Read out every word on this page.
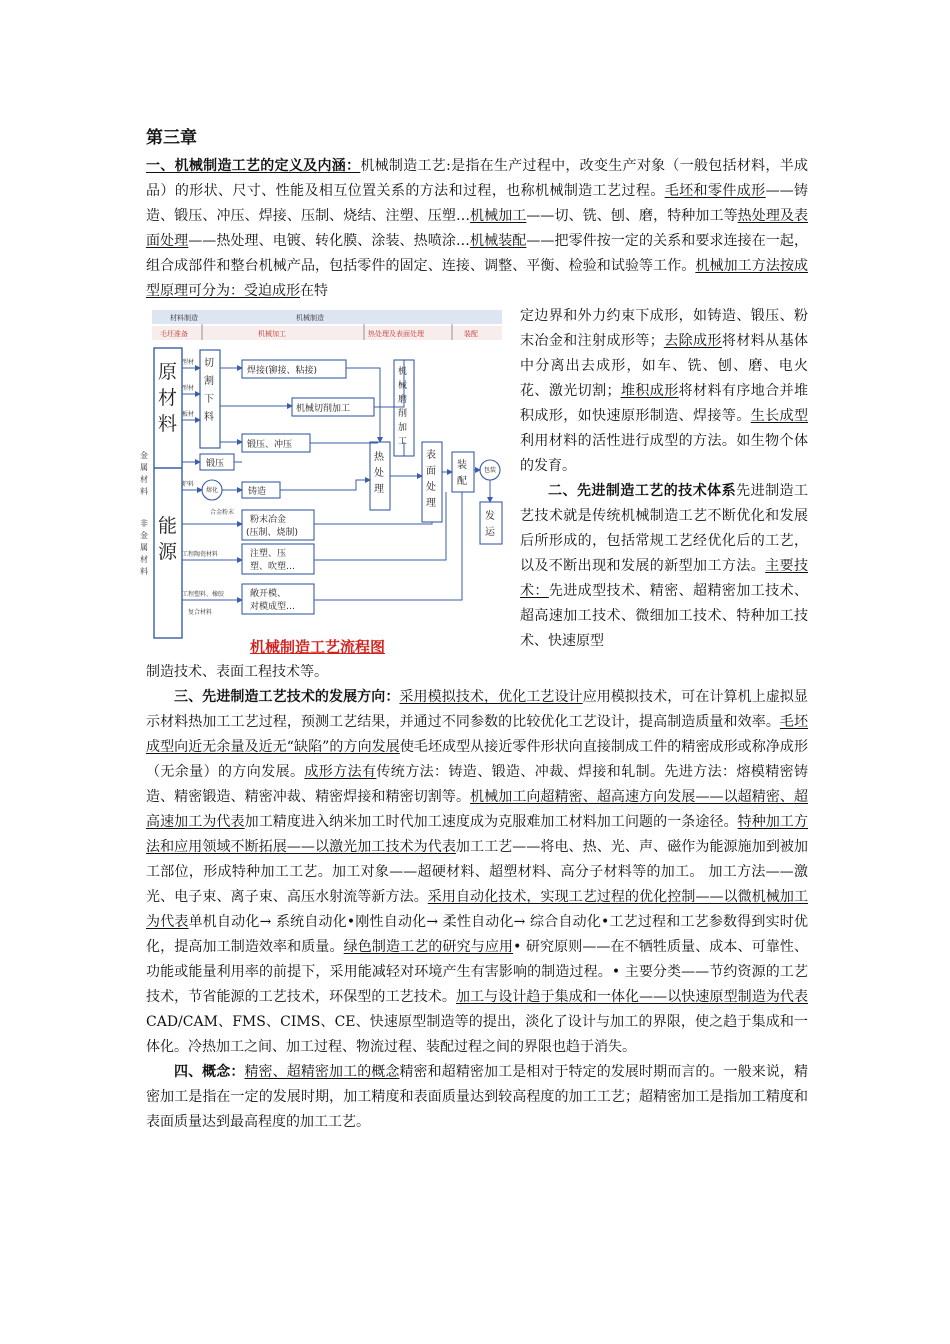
第三章

一、机械制造工艺的定义及内涵：机械制造工艺:是指在生产过程中，改变生产对象（一般包括材料，半成品）的形状、尺寸、性能及相互位置关系的方法和过程，也称机械制造工艺过程。毛坯和零件成形——铸造、锻压、冲压、焊接、压制、烧结、注塑、压塑…机械加工——切、铣、刨、磨，特种加工等热处理及表面处理——热处理、电镀、转化膜、涂装、热喷涂…机械装配——把零件按一定的关系和要求连接在一起，组合成部件和整台机械产品，包括零件的固定、连接、调整、平衡、检验和试验等工作。机械加工方法按成型原理可分为：受迫成形在特

材料制造	机械制造
毛坯准备	机械加工	热处理及表面处理	装配
金属材料
非金属材料
原材料
能源
切割下料
型材
型材
板材
焊接(铆接、粘接)
机械切削加工
锻压、冲压
锻压
炉料
熔化	铸造
合金粉末
粉末冶金
(压制、烧制)
工程陶瓷材料	注塑、压
塑、吹塑…
工程塑料、橡胶
复合材料
敞开模、
对模成型…
机械磨削加工
热处理
表面处理
装配
包装
发运
机械制造工艺流程图

定边界和外力约束下成形，如铸造、锻压、粉末冶金和注射成形等；去除成形将材料从基体中分离出去成形，如车、铣、刨、磨、电火花、激光切割；堆积成形将材料有序地合并堆积成形，如快速原形制造、焊接等。生长成型利用材料的活性进行成型的方法。如生物个体的发育。

二、先进制造工艺的技术体系先进制造工艺技术就是传统机械制造工艺不断优化和发展后所形成的，包括常规工艺经优化后的工艺，以及不断出现和发展的新型加工方法。主要技术：先进成型技术、精密、超精密加工技术、超高速加工技术、微细加工技术、特种加工技术、快速原型

制造技术、表面工程技术等。

三、先进制造工艺技术的发展方向：采用模拟技术，优化工艺设计应用模拟技术，可在计算机上虚拟显示材料热加工工艺过程，预测工艺结果，并通过不同参数的比较优化工艺设计，提高制造质量和效率。毛坯成型向近无余量及近无“缺陷”的方向发展使毛坯成型从接近零件形状向直接制成工件的精密成形或称净成形（无余量）的方向发展。成形方法有传统方法：铸造、锻造、冲裁、焊接和轧制。先进方法：熔模精密铸造、精密锻造、精密冲裁、精密焊接和精密切割等。机械加工向超精密、超高速方向发展——以超精密、超高速加工为代表加工精度进入纳米加工时代加工速度成为克服难加工材料加工问题的一条途径。特种加工方法和应用领域不断拓展——以激光加工技术为代表加工工艺——将电、热、光、声、磁作为能源施加到被加工部位，形成特种加工工艺。加工对象——超硬材料、超塑材料、高分子材料等的加工。 加工方法——激光、电子束、离子束、高压水射流等新方法。采用自动化技术，实现工艺过程的优化控制——以微机械加工为代表单机自动化→ 系统自动化•刚性自动化→ 柔性自动化→ 综合自动化•工艺过程和工艺参数得到实时优化，提高加工制造效率和质量。绿色制造工艺的研究与应用• 研究原则——在不牺牲质量、成本、可靠性、功能或能量利用率的前提下，采用能减轻对环境产生有害影响的制造过程。• 主要分类——节约资源的工艺技术，节省能源的工艺技术，环保型的工艺技术。加工与设计趋于集成和一体化——以快速原型制造为代表CAD/CAM、FMS、CIMS、CE、快速原型制造等的提出，淡化了设计与加工的界限，使之趋于集成和一体化。冷热加工之间、加工过程、物流过程、装配过程之间的界限也趋于消失。

四、概念：精密、超精密加工的概念精密和超精密加工是相对于特定的发展时期而言的。一般来说，精密加工是指在一定的发展时期，加工精度和表面质量达到较高程度的加工工艺；超精密加工是指加工精度和表面质量达到最高程度的加工工艺。
